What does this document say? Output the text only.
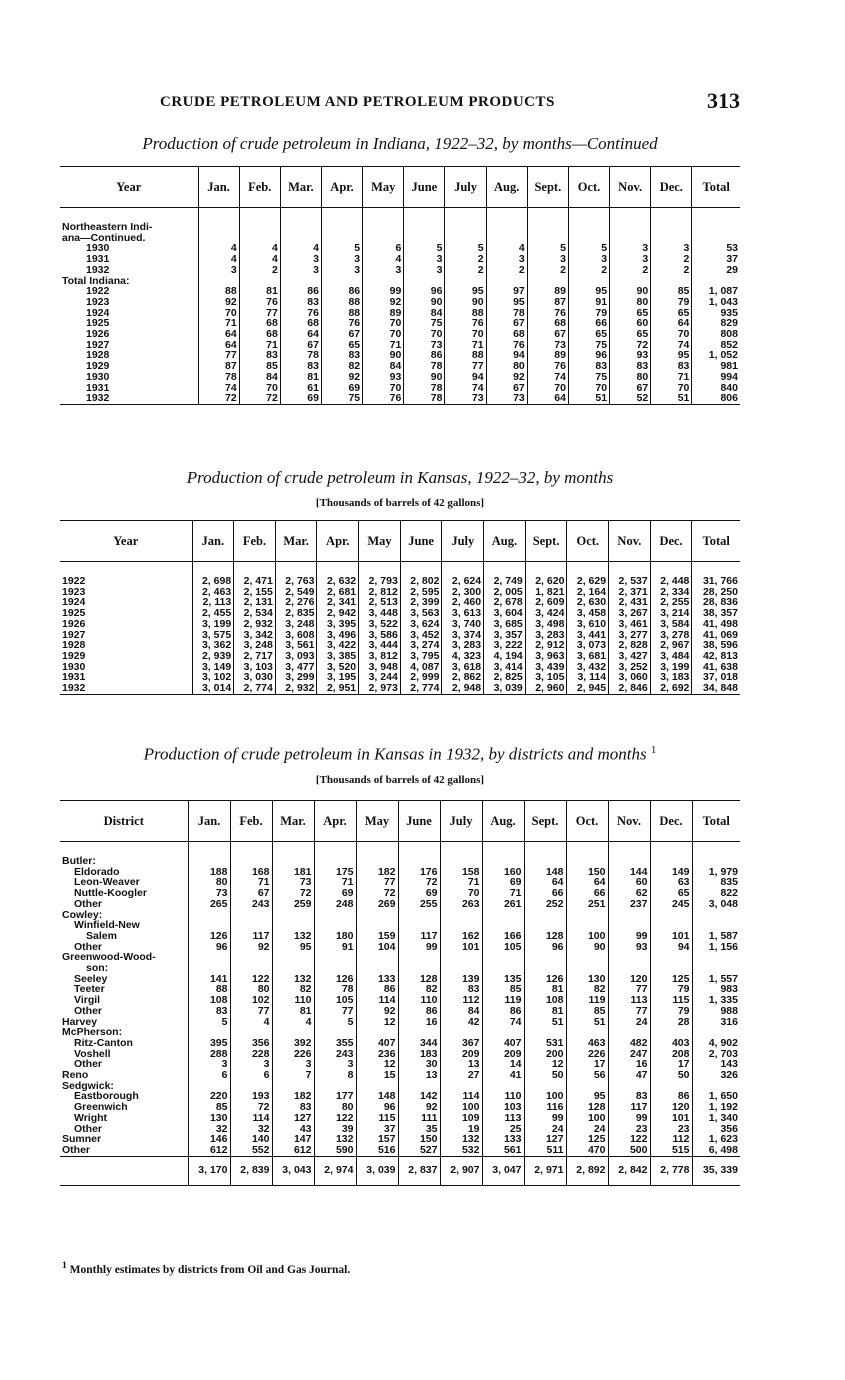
CRUDE PETROLEUM AND PETROLEUM PRODUCTS	313

Production of crude petroleum in Indiana, 1922–32, by months—Continued

Year	Jan.	Feb.	Mar.	Apr.	May	June	July	Aug.	Sept.	Oct.	Nov.	Dec.	Total

Northeastern Indi-													
ana—Continued.													
1930	4	4	4	5	6	5	5	4	5	5	3	3	53
1931	4	4	3	3	4	3	2	3	3	3	3	2	37
1932	3	2	3	3	3	3	2	2	2	2	2	2	29
Total Indiana:													
1922	88	81	86	86	99	96	95	97	89	95	90	85	1, 087
1923	92	76	83	88	92	90	90	95	87	91	80	79	1, 043
1924	70	77	76	88	89	84	88	78	76	79	65	65	935
1925	71	68	68	76	70	75	76	67	68	66	60	64	829
1926	64	68	64	67	70	70	70	68	67	65	65	70	808
1927	64	71	67	65	71	73	71	76	73	75	72	74	852
1928	77	83	78	83	90	86	88	94	89	96	93	95	1, 052
1929	87	85	83	82	84	78	77	80	76	83	83	83	981
1930	78	84	81	92	93	90	94	92	74	75	80	71	994
1931	74	70	61	69	70	78	74	67	70	70	67	70	840
1932	72	72	69	75	76	78	73	73	64	51	52	51	806

Production of crude petroleum in Kansas, 1922–32, by months

[Thousands of barrels of 42 gallons]

Year	Jan.	Feb.	Mar.	Apr.	May	June	July	Aug.	Sept.	Oct.	Nov.	Dec.	Total

1922	2, 698	2, 471	2, 763	2, 632	2, 793	2, 802	2, 624	2, 749	2, 620	2, 629	2, 537	2, 448	31, 766
1923	2, 463	2, 155	2, 549	2, 681	2, 812	2, 595	2, 300	2, 005	1, 821	2, 164	2, 371	2, 334	28, 250
1924	2, 113	2, 131	2, 276	2, 341	2, 513	2, 399	2, 460	2, 678	2, 609	2, 630	2, 431	2, 255	28, 836
1925	2, 455	2, 534	2, 835	2, 942	3, 448	3, 563	3, 613	3, 604	3, 424	3, 458	3, 267	3, 214	38, 357
1926	3, 199	2, 932	3, 248	3, 395	3, 522	3, 624	3, 740	3, 685	3, 498	3, 610	3, 461	3, 584	41, 498
1927	3, 575	3, 342	3, 608	3, 496	3, 586	3, 452	3, 374	3, 357	3, 283	3, 441	3, 277	3, 278	41, 069
1928	3, 362	3, 248	3, 561	3, 422	3, 444	3, 274	3, 283	3, 222	2, 912	3, 073	2, 828	2, 967	38, 596
1929	2, 939	2, 717	3, 093	3, 385	3, 812	3, 795	4, 323	4, 194	3, 963	3, 681	3, 427	3, 484	42, 813
1930	3, 149	3, 103	3, 477	3, 520	3, 948	4, 087	3, 618	3, 414	3, 439	3, 432	3, 252	3, 199	41, 638
1931	3, 102	3, 030	3, 299	3, 195	3, 244	2, 999	2, 862	2, 825	3, 105	3, 114	3, 060	3, 183	37, 018
1932	3, 014	2, 774	2, 932	2, 951	2, 973	2, 774	2, 948	3, 039	2, 960	2, 945	2, 846	2, 692	34, 848

Production of crude petroleum in Kansas in 1932, by districts and months $^1$

[Thousands of barrels of 42 gallons]

District	Jan.	Feb.	Mar.	Apr.	May	June	July	Aug.	Sept.	Oct.	Nov.	Dec.	Total

Butler:													
Eldorado	188	168	181	175	182	176	158	160	148	150	144	149	1, 979
Leon-Weaver	80	71	73	71	77	72	71	69	64	64	60	63	835
Nuttle-Koogler	73	67	72	69	72	69	70	71	66	66	62	65	822
Other	265	243	259	248	269	255	263	261	252	251	237	245	3, 048
Cowley:													
Winfield-New													
Salem	126	117	132	180	159	117	162	166	128	100	99	101	1, 587
Other	96	92	95	91	104	99	101	105	96	90	93	94	1, 156
Greenwood-Wood-													
son:													
Seeley	141	122	132	126	133	128	139	135	126	130	120	125	1, 557
Teeter	88	80	82	78	86	82	83	85	81	82	77	79	983
Virgil	108	102	110	105	114	110	112	119	108	119	113	115	1, 335
Other	83	77	81	77	92	86	84	86	81	85	77	79	988
Harvey	5	4	4	5	12	16	42	74	51	51	24	28	316
McPherson:													
Ritz-Canton	395	356	392	355	407	344	367	407	531	463	482	403	4, 902
Voshell	288	228	226	243	236	183	209	209	200	226	247	208	2, 703
Other	3	3	3	3	12	30	13	14	12	17	16	17	143
Reno	6	6	7	8	15	13	27	41	50	56	47	50	326
Sedgwick:													
Eastborough	220	193	182	177	148	142	114	110	100	95	83	86	1, 650
Greenwich	85	72	83	80	96	92	100	103	116	128	117	120	1, 192
Wright	130	114	127	122	115	111	109	113	99	100	99	101	1, 340
Other	32	32	43	39	37	35	19	25	24	24	23	23	356
Sumner	146	140	147	132	157	150	132	133	127	125	122	112	1, 623
Other	612	552	612	590	516	527	532	561	511	470	500	515	6, 498
	3, 170	2, 839	3, 043	2, 974	3, 039	2, 837	2, 907	3, 047	2, 971	2, 892	2, 842	2, 778	35, 339
$^1$ Monthly estimates by districts from Oil and Gas Journal.
